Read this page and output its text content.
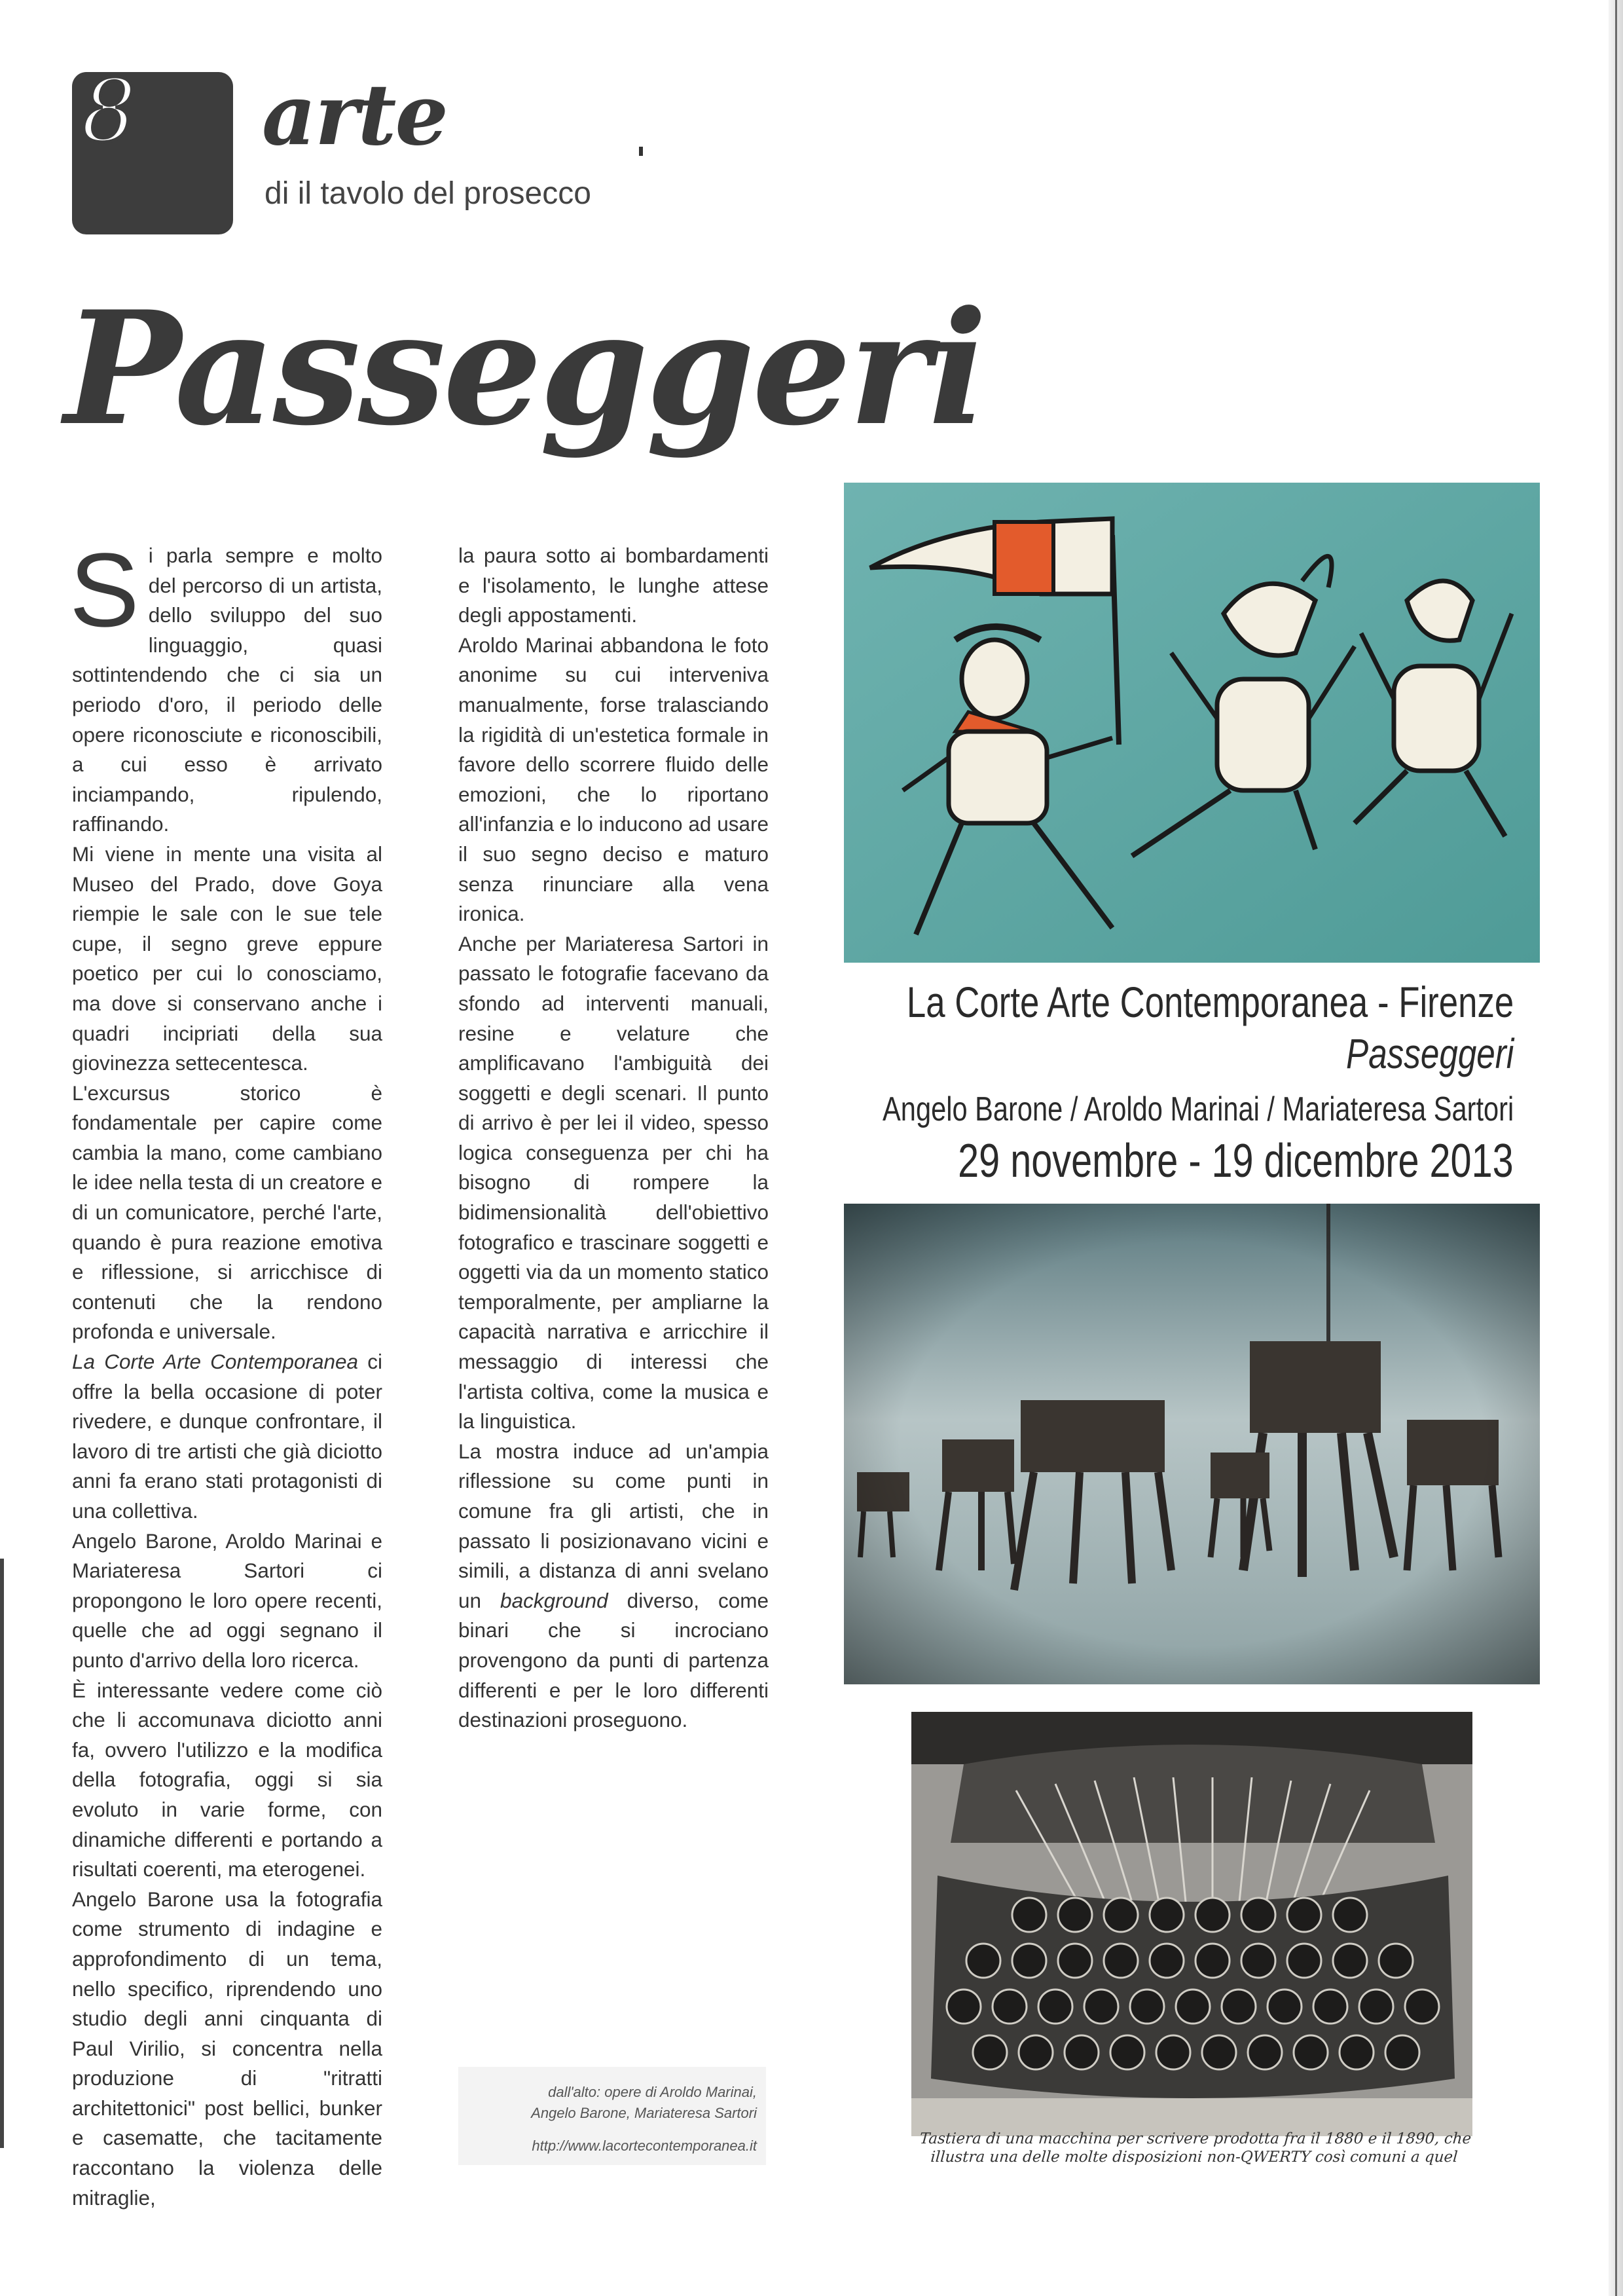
8 arte
di il tavolo del prosecco
Passeggeri

Si parla sempre e molto del percorso di un artista, dello sviluppo del suo linguaggio, quasi sottintendendo che ci sia un periodo d'oro, il periodo delle opere riconosciute e riconoscibili, a cui esso è arrivato inciampando, ripulendo, raffinando.

Mi viene in mente una visita al Museo del Prado, dove Goya riempie le sale con le sue tele cupe, il segno greve eppure poetico per cui lo conosciamo, ma dove si conservano anche i quadri incipriati della sua giovinezza settecentesca.

L'excursus storico è fondamentale per capire come cambia la mano, come cambiano le idee nella testa di un creatore e di un comunicatore, perché l'arte, quando è pura reazione emotiva e riflessione, si arricchisce di contenuti che la rendono profonda e universale.

La Corte Arte Contemporanea ci offre la bella occasione di poter rivedere, e dunque confrontare, il lavoro di tre artisti che già diciotto anni fa erano stati protagonisti di una collettiva.

Angelo Barone, Aroldo Marinai e Mariateresa Sartori ci propongono le loro opere recenti, quelle che ad oggi segnano il punto d'arrivo della loro ricerca.

È interessante vedere come ciò che li accomunava diciotto anni fa, ovvero l'utilizzo e la modifica della fotografia, oggi si sia evoluto in varie forme, con dinamiche differenti e portando a risultati coerenti, ma eterogenei.

Angelo Barone usa la fotografia come strumento di indagine e approfondimento di un tema, nello specifico, riprendendo uno studio degli anni cinquanta di Paul Virilio, si concentra nella produzione di "ritratti architettonici" post bellici, bunker e casematte, che tacitamente raccontano la violenza delle mitraglie,

la paura sotto ai bombardamenti e l'isolamento, le lunghe attese degli appostamenti.

Aroldo Marinai abbandona le foto anonime su cui interveniva manualmente, forse tralasciando la rigidità di un'estetica formale in favore dello scorrere fluido delle emozioni, che lo riportano all'infanzia e lo inducono ad usare il suo segno deciso e maturo senza rinunciare alla vena ironica.

Anche per Mariateresa Sartori in passato le fotografie facevano da sfondo ad interventi manuali, resine e velature che amplificavano l'ambiguità dei soggetti e degli scenari. Il punto di arrivo è per lei il video, spesso logica conseguenza per chi ha bisogno di rompere la bidimensionalità dell'obiettivo fotografico e trascinare soggetti e oggetti via da un momento statico temporalmente, per ampliarne la capacità narrativa e arricchire il messaggio di interessi che l'artista coltiva, come la musica e la linguistica.

La mostra induce ad un'ampia riflessione su come punti in comune fra gli artisti, che in passato li posizionavano vicini e simili, a distanza di anni svelano un background diverso, come binari che si incrociano provengono da punti di partenza differenti e per le loro differenti destinazioni proseguono.

La Corte Arte Contemporanea - Firenze
Passeggeri
Angelo Barone / Aroldo Marinai / Mariateresa Sartori
29 novembre - 19 dicembre 2013
Tastiera di una macchina per scrivere prodotta fra il 1880 e il 1890, che illustra una delle molte disposizioni non-QWERTY così comuni a quel
dall'alto: opere di Aroldo Marinai,
Angelo Barone, Mariateresa Sartori
http://www.lacortecontemporanea.it
